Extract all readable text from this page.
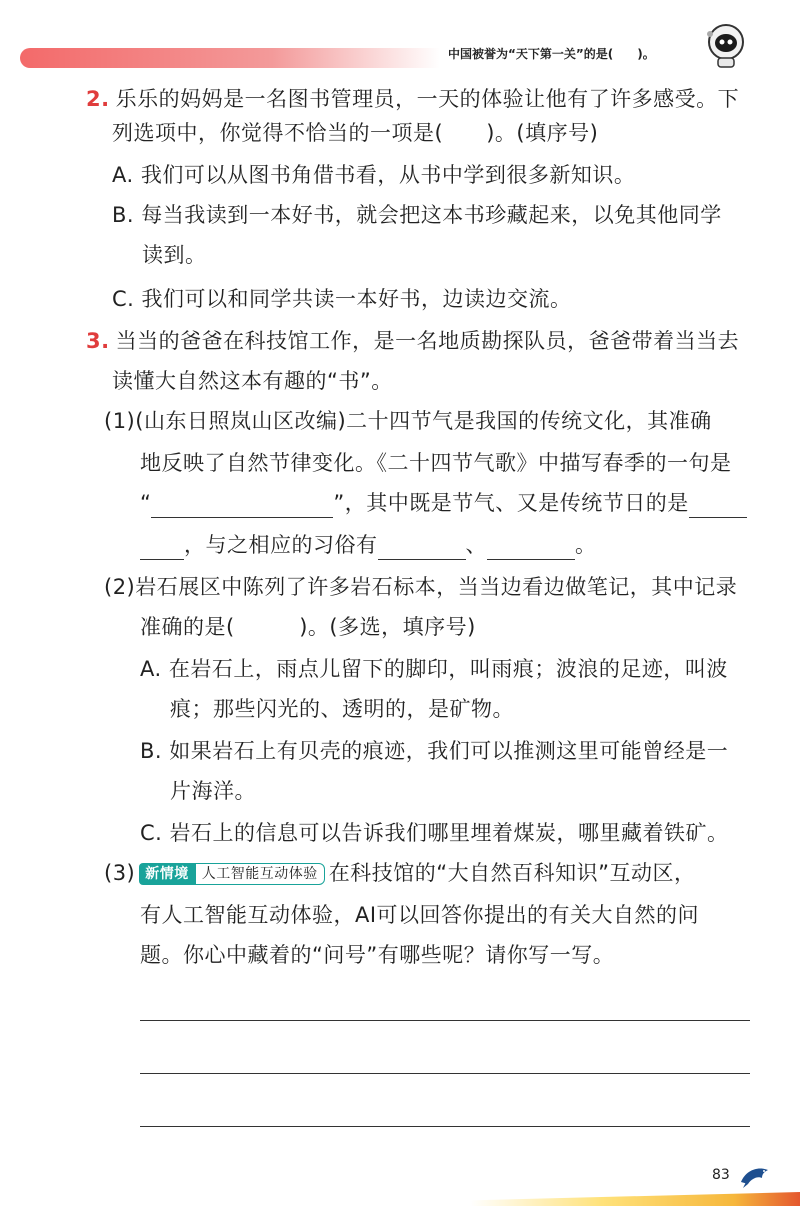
中国被誉为“天下第一关”的是(　　)。
2. 乐乐的妈妈是一名图书管理员，一天的体验让他有了许多感受。下
列选项中，你觉得不恰当的一项是(　　)。(填序号)
A. 我们可以从图书角借书看，从书中学到很多新知识。
B. 每当我读到一本好书，就会把这本书珍藏起来，以免其他同学
读到。
C. 我们可以和同学共读一本好书，边读边交流。
3. 当当的爸爸在科技馆工作，是一名地质勘探队员，爸爸带着当当去
读懂大自然这本有趣的“书”。
(1)(山东日照岚山区改编)二十四节气是我国的传统文化，其准确
地反映了自然节律变化。《二十四节气歌》中描写春季的一句是
“	”，其中既是节气、又是传统节日的是
，与之相应的习俗有	、	。
(2)岩石展区中陈列了许多岩石标本，当当边看边做笔记，其中记录
准确的是(　　　)。(多选，填序号)
A. 在岩石上，雨点儿留下的脚印，叫雨痕；波浪的足迹，叫波
痕；那些闪光的、透明的，是矿物。
B. 如果岩石上有贝壳的痕迹，我们可以推测这里可能曾经是一
片海洋。
C. 岩石上的信息可以告诉我们哪里埋着煤炭，哪里藏着铁矿。
(3) 新情境 人工智能互动体验 在科技馆的“大自然百科知识”互动区，
有人工智能互动体验，AI可以回答你提出的有关大自然的问
题。你心中藏着的“问号”有哪些呢？请你写一写。
83
